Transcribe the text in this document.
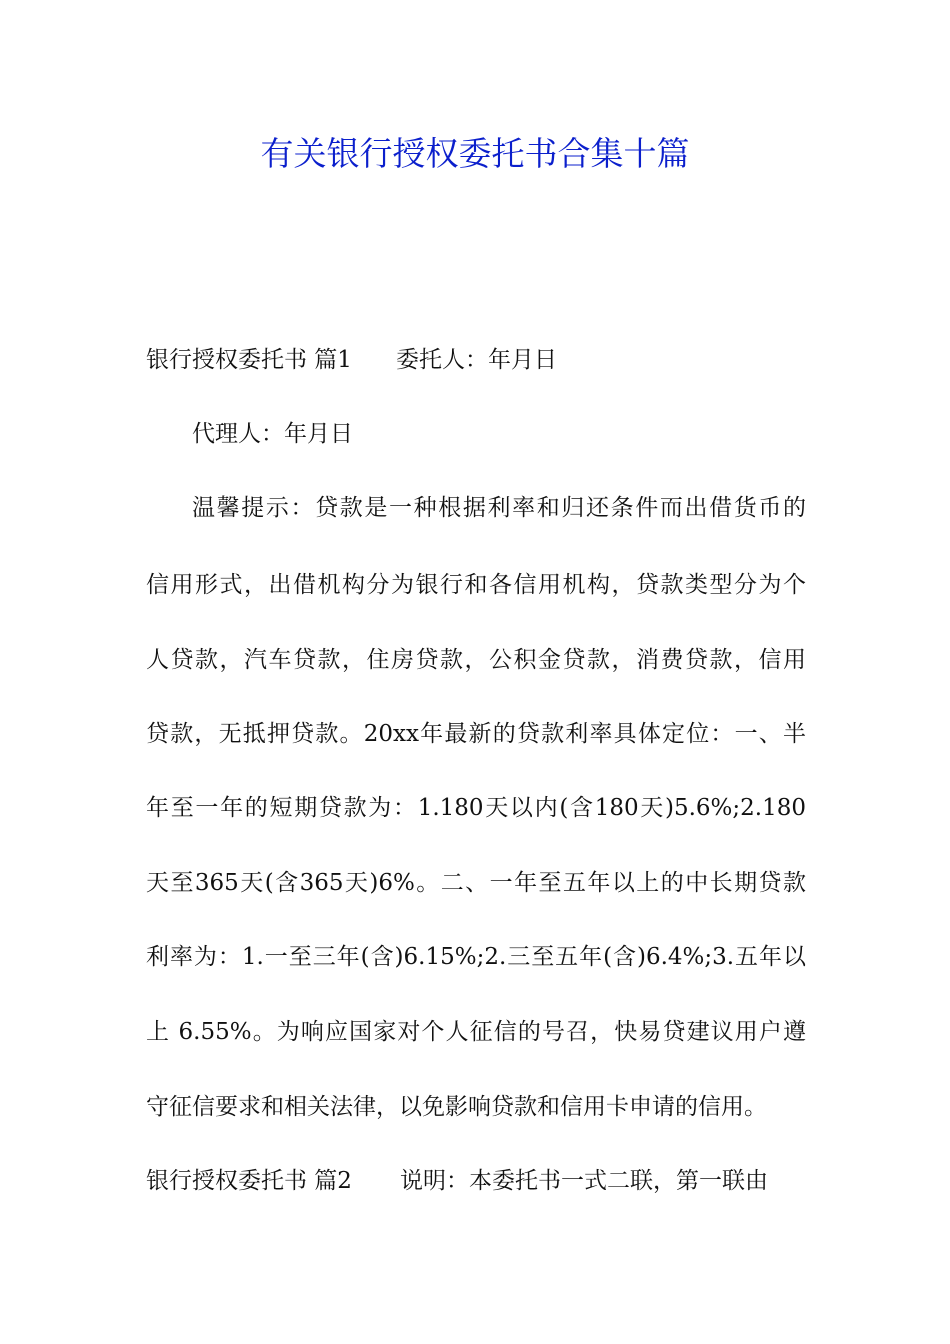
有关银行授权委托书合集十篇
银行授权委托书 篇1 委托人：年月日
代理人：年月日
温馨提示：贷款是一种根据利率和归还条件而出借货币的
信用形式，出借机构分为银行和各信用机构，贷款类型分为个
人贷款，汽车贷款，住房贷款，公积金贷款，消费贷款，信用
贷款，无抵押贷款。20xx年最新的贷款利率具体定位：一、半
年至一年的短期贷款为：1.180天以内(含180天)5.6%;2.180
天至365天(含365天)6%。二、一年至五年以上的中长期贷款
利率为：1.一至三年(含)6.15%;2.三至五年(含)6.4%;3.五年以
上 6.55%。为响应国家对个人征信的号召，快易贷建议用户遵
守征信要求和相关法律，以免影响贷款和信用卡申请的信用。
银行授权委托书 篇2 说明：本委托书一式二联，第一联由
